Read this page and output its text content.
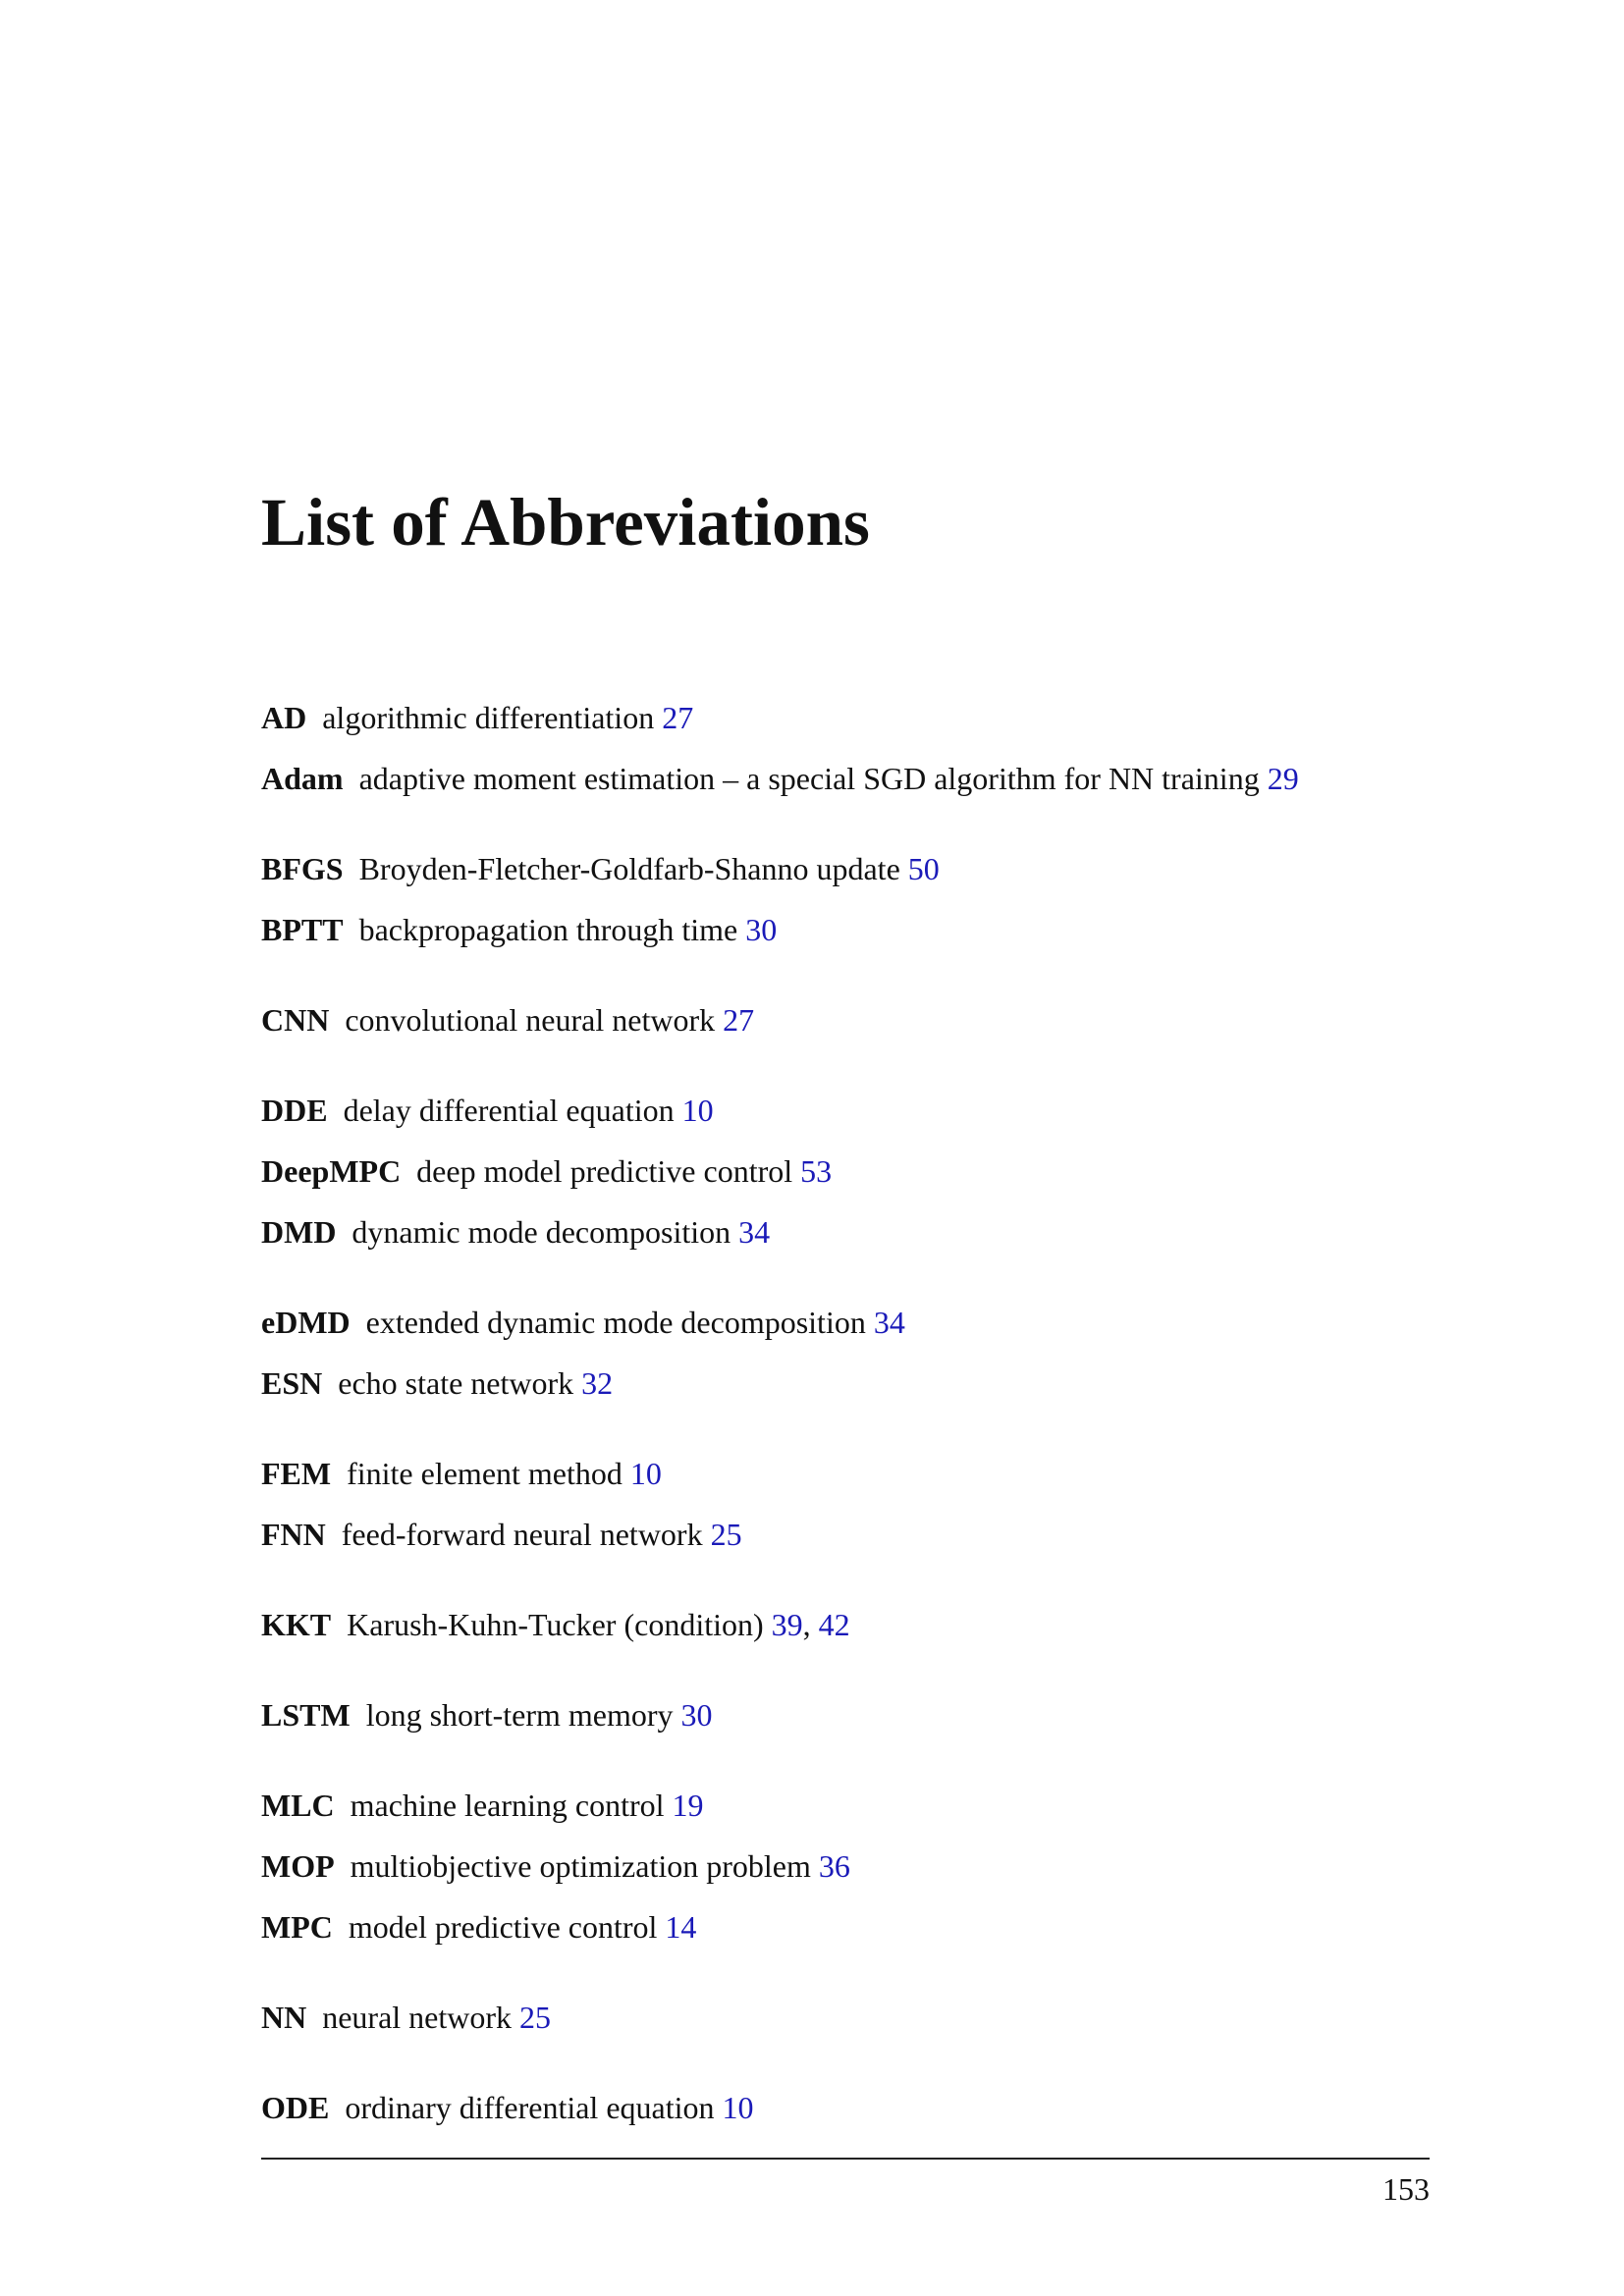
List of Abbreviations
AD algorithmic differentiation 27
Adam adaptive moment estimation – a special SGD algorithm for NN training 29
BFGS Broyden-Fletcher-Goldfarb-Shanno update 50
BPTT backpropagation through time 30
CNN convolutional neural network 27
DDE delay differential equation 10
DeepMPC deep model predictive control 53
DMD dynamic mode decomposition 34
eDMD extended dynamic mode decomposition 34
ESN echo state network 32
FEM finite element method 10
FNN feed-forward neural network 25
KKT Karush-Kuhn-Tucker (condition) 39, 42
LSTM long short-term memory 30
MLC machine learning control 19
MOP multiobjective optimization problem 36
MPC model predictive control 14
NN neural network 25
ODE ordinary differential equation 10
153
